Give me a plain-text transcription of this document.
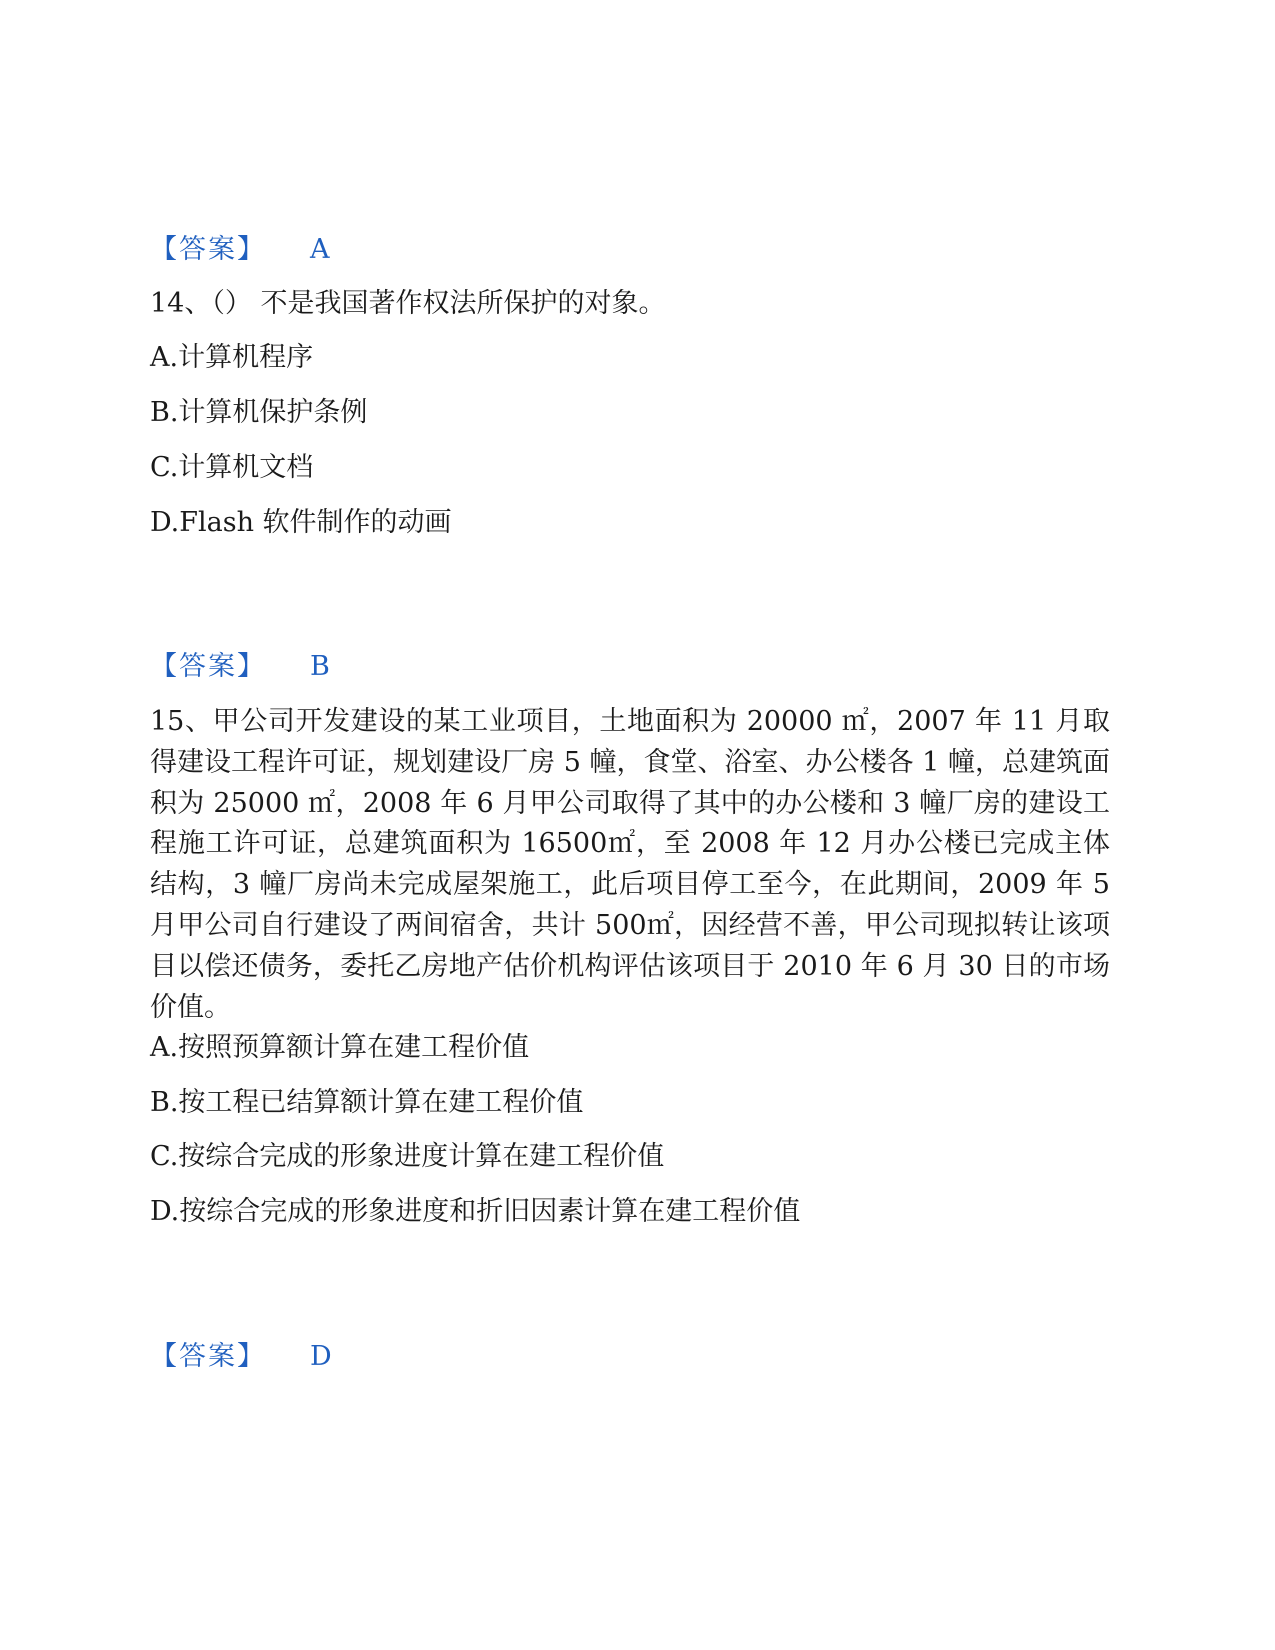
【答案】 A
14、（） 不是我国著作权法所保护的对象。
A.计算机程序
B.计算机保护条例
C.计算机文档
D.Flash 软件制作的动画
【答案】 B
15、甲公司开发建设的某工业项目，土地面积为 20000 ㎡，2007 年 11 月取得建设工程许可证，规划建设厂房 5 幢，食堂、浴室、办公楼各 1 幢，总建筑面积为 25000 ㎡，2008 年 6 月甲公司取得了其中的办公楼和 3 幢厂房的建设工程施工许可证，总建筑面积为 16500㎡，至 2008 年 12 月办公楼已完成主体结构，3 幢厂房尚未完成屋架施工，此后项目停工至今，在此期间，2009 年 5 月甲公司自行建设了两间宿舍，共计 500㎡，因经营不善，甲公司现拟转让该项目以偿还债务，委托乙房地产估价机构评估该项目于 2010 年 6 月 30 日的市场价值。
A.按照预算额计算在建工程价值
B.按工程已结算额计算在建工程价值
C.按综合完成的形象进度计算在建工程价值
D.按综合完成的形象进度和折旧因素计算在建工程价值
【答案】 D
